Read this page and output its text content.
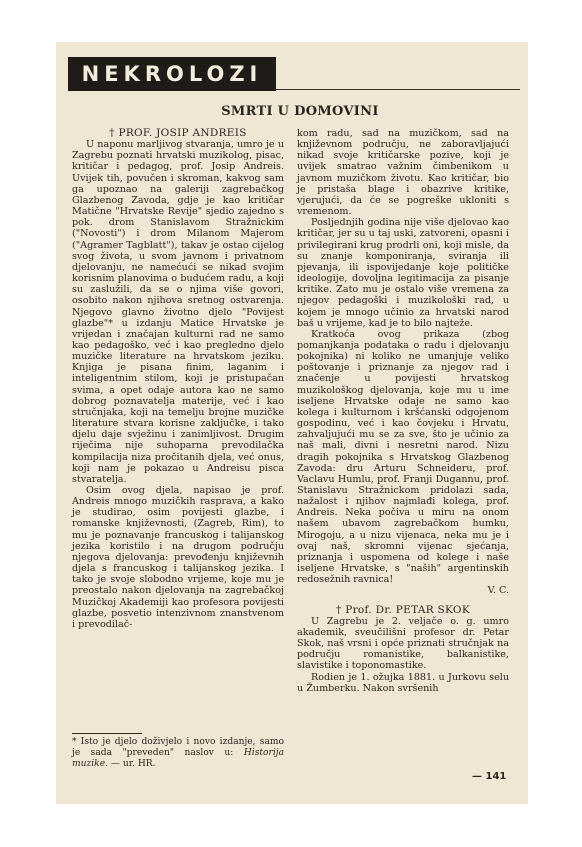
NEKROLOZI
SMRTI U DOMOVINI

† PROF. JOSIP ANDREIS

U naponu marljivog stvaranja, umro je u Zagrebu poznati hrvatski muzikolog, pisac, kritičar i pedagog, prof. Josip Andreis. Uvijek tih, povučen i skroman, kakvog sam ga upoznao na galeriji zagrebačkog Glazbenog Zavoda, gdje je kao kritičar Matične "Hrvatske Revije" sjedio zajedno s pok. drom Stanislavom Stražnickim ("Novosti") i drom Milanom Majerom ("Agramer Tagblatt"), takav je ostao cijelog svog života, u svom javnom i privatnom djelovanju, ne namećući se nikad svojim korisnim planovima o budućem radu, a koji su zaslužili, da se o njima više govori, osobito nakon njihova sretnog ostvarenja. Njegovo glavno životno djelo "Povijest glazbe"* u izdanju Matice Hrvatske je vrijedan i značajan kulturni rad ne samo kao pedagoško, već i kao pregledno djelo muzičke literature na hrvatskom jeziku. Knjiga je pisana finim, laganim i inteligentnim stilom, koji je pristupačan svima, a opet odaje autora kao ne samo dobrog poznavatelja materije, već i kao stručnjaka, koji na temelju brojne muzičke literature stvara korisne zaključke, i tako djelu daje svježinu i zanimljivost. Drugim riječima nije suhoparna prevodilačka kompilacija niza pročitanih djela, već onus, koji nam je pokazao u Andreisu pisca stvaratelja.

Osim ovog djela, napisao je prof. Andreis mnogo muzičkih rasprava, a kako je studirao, osim povijesti glazbe, i romanske književnosti, (Zagreb, Rim), to mu je poznavanje francuskog i talijanskog jezika koristilo i na drugom području njegova djelovanja: prevođenju književnih djela s francuskog i talijanskog jezika. I tako je svoje slobodno vrijeme, koje mu je preostalo nakon djelovanja na zagrebačkoj Muzičkoj Akademiji kao profesora povijesti glazbe, posvetio intenzivnom znanstvenom i prevodilač-

* Isto je djelo doživjelo i novo izdanje, samo je sada "preveden" naslov u: Historija muzike. — ur. HR.

kom radu, sad na muzičkom, sad na književnom području, ne zaboravljajući nikad svoje kritičarske pozive, koji je uvijek smatrao važnim čimbenikom u javnom muzičkom životu. Kao kritičar, bio je pristaša blage i obazrive kritike, vjerujući, da će se pogreške ukloniti s vremenom.

Posljednjih godina nije više djelovao kao kritičar, jer su u taj uski, zatvoreni, opasni i privilegirani krug prodrli oni, koji misle, da su znanje komponiranja, sviranja ili pjevanja, ili ispovijedanje koje političke ideologije, dovoljna legitimacija za pisanje kritike. Zato mu je ostalo više vremena za njegov pedagoški i muzikološki rad, u kojem je mnogo učinio za hrvatski narod baš u vrijeme, kad je to bilo najteže.

Kratkoća ovog prikaza (zbog pomanjkanja podataka o radu i djelovanju pokojnika) ni koliko ne umanjuje veliko poštovanje i priznanje za njegov rad i značenje u povijesti hrvatskog muzikološkog djelovanja, koje mu u ime iseljene Hrvatske odaje ne samo kao kolega i kulturnom i kršćanski odgojenom gospodinu, već i kao čovjeku i Hrvatu, zahvaljujući mu se za sve, što je učinio za naš mali, divni i nesretni narod. Nizu dragih pokojnika s Hrvatskog Glazbenog Zavoda: dru Arturu Schneideru, prof. Vaclavu Humlu, prof. Franji Dugannu, prof. Stanislavu Stražnickom pridolazi sada, nažalost i njihov najmlađi kolega, prof. Andreis. Neka počiva u miru na onom našem ubavom zagrebačkom humku, Mirogoju, a u nizu vijenaca, neka mu je i ovaj naš, skromni vijenac sjećanja, priznanja i uspomena od kolege i naše iseljene Hrvatske, s "naših" argentinskih redosežnih ravnica!

V. C.

† Prof. Dr. PETAR SKOK

U Zagrebu je 2. veljače o. g. umro akademik, sveučilišni profesor dr. Petar Skok, naš vrsni i opće priznati stručnjak na području romanistike, balkanistike, slavistike i toponomastike.

Rodien je 1. ožujka 1881. u Jurkovu selu u Žumberku. Nakon svršenih

— 141
